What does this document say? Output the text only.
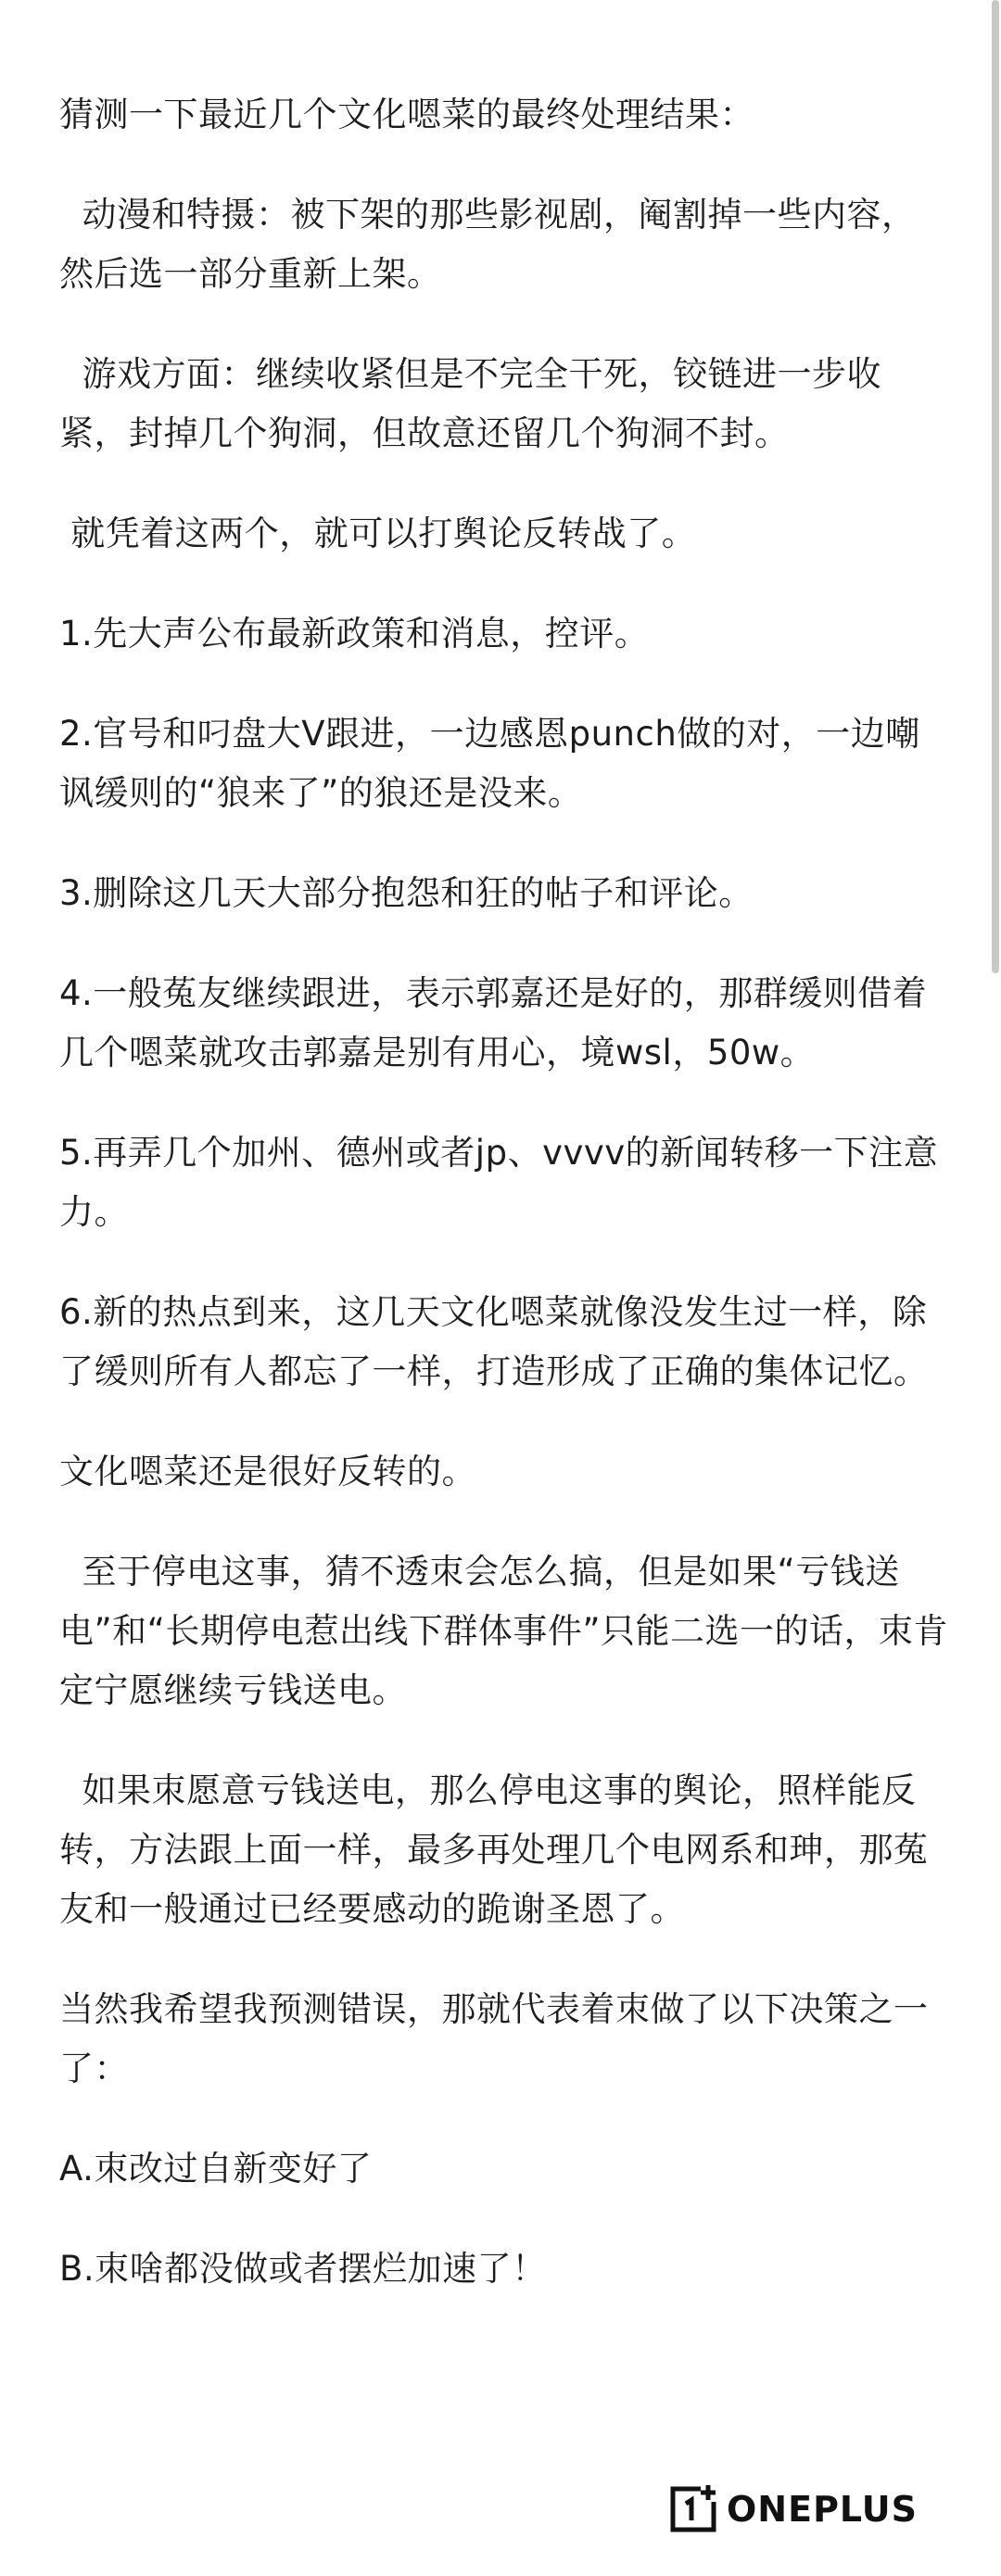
猜测一下最近几个文化嗯菜的最终处理结果：

动漫和特摄：被下架的那些影视剧，阉割掉一些内容，然后选一部分重新上架。

游戏方面：继续收紧但是不完全干死，铰链进一步收紧，封掉几个狗洞，但故意还留几个狗洞不封。

就凭着这两个，就可以打舆论反转战了。

1.先大声公布最新政策和消息，控评。

2.官号和叼盘大V跟进，一边感恩punch做的对，一边嘲讽缓则的“狼来了”的狼还是没来。

3.删除这几天大部分抱怨和狂的帖子和评论。

4.一般菟友继续跟进，表示郭嘉还是好的，那群缓则借着几个嗯菜就攻击郭嘉是别有用心，境wsl，50w。

5.再弄几个加州、德州或者jp、vvvv的新闻转移一下注意力。

6.新的热点到来，这几天文化嗯菜就像没发生过一样，除了缓则所有人都忘了一样，打造形成了正确的集体记忆。

文化嗯菜还是很好反转的。

至于停电这事，猜不透朿会怎么搞，但是如果“亏钱送电”和“长期停电惹出线下群体事件”只能二选一的话，朿肯定宁愿继续亏钱送电。

如果朿愿意亏钱送电，那么停电这事的舆论，照样能反转，方法跟上面一样，最多再处理几个电网系和珅，那菟友和一般通过已经要感动的跪谢圣恩了。

当然我希望我预测错误，那就代表着朿做了以下决策之一了：

A.朿改过自新变好了

B.朿啥都没做或者摆烂加速了！

ONEPLUS
